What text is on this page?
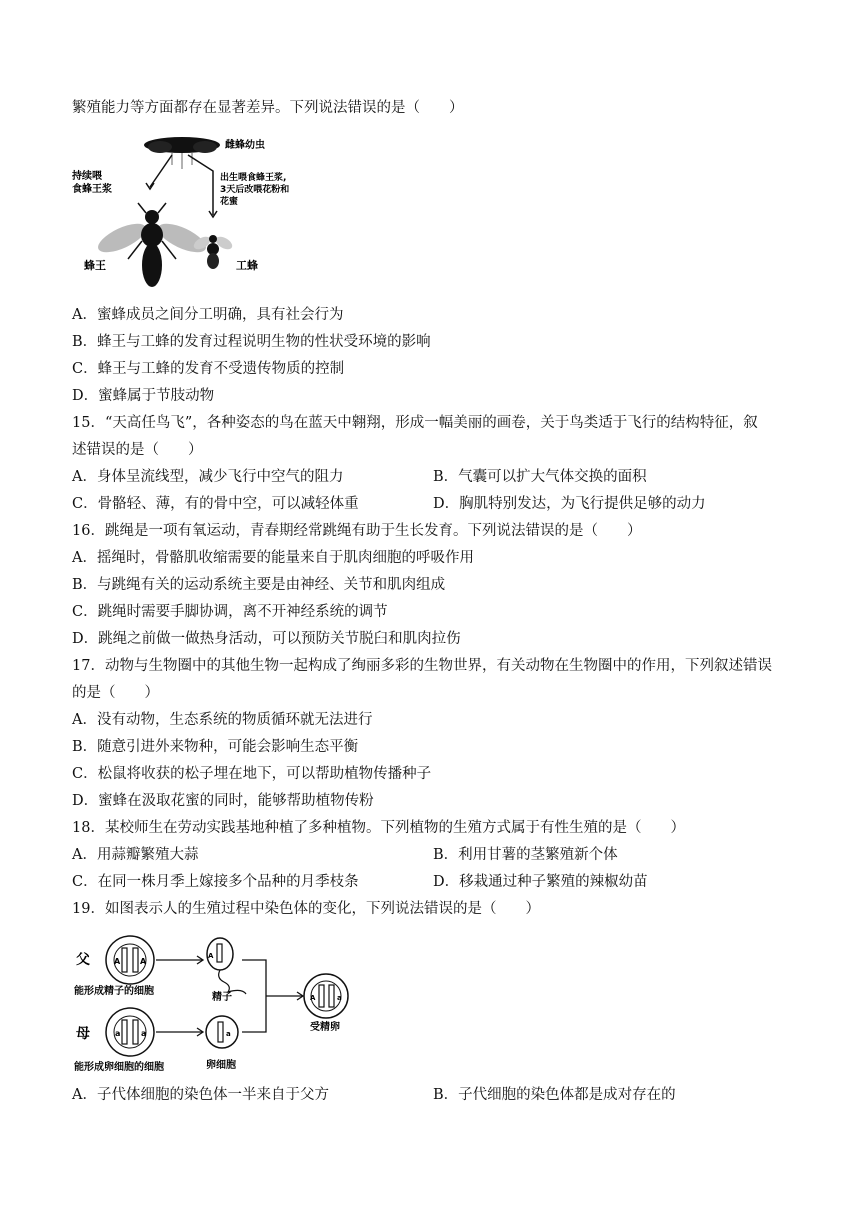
繁殖能力等方面都存在显著差异。下列说法错误的是（　　）
雌蜂幼虫
持续喂
食蜂王浆
出生喂食蜂王浆,
3天后改喂花粉和
花蜜
蜂王	工蜂
A．蜜蜂成员之间分工明确，具有社会行为
B．蜂王与工蜂的发育过程说明生物的性状受环境的影响
C．蜂王与工蜂的发育不受遗传物质的控制
D．蜜蜂属于节肢动物
15．“天高任鸟飞”，各种姿态的鸟在蓝天中翱翔，形成一幅美丽的画卷，关于鸟类适于飞行的结构特征，叙
述错误的是（　　）
A．身体呈流线型，减少飞行中空气的阻力	B．气囊可以扩大气体交换的面积
C．骨骼轻、薄，有的骨中空，可以减轻体重	D．胸肌特别发达，为飞行提供足够的动力
16．跳绳是一项有氧运动，青春期经常跳绳有助于生长发育。下列说法错误的是（　　）
A．摇绳时，骨骼肌收缩需要的能量来自于肌肉细胞的呼吸作用
B．与跳绳有关的运动系统主要是由神经、关节和肌肉组成
C．跳绳时需要手脚协调，离不开神经系统的调节
D．跳绳之前做一做热身活动，可以预防关节脱臼和肌肉拉伤
17．动物与生物圈中的其他生物一起构成了绚丽多彩的生物世界，有关动物在生物圈中的作用，下列叙述错误
的是（　　）
A．没有动物，生态系统的物质循环就无法进行
B．随意引进外来物种，可能会影响生态平衡
C．松鼠将收获的松子埋在地下，可以帮助植物传播种子
D．蜜蜂在汲取花蜜的同时，能够帮助植物传粉
18．某校师生在劳动实践基地种植了多种植物。下列植物的生殖方式属于有性生殖的是（　　）
A．用蒜瓣繁殖大蒜	B．利用甘薯的茎繁殖新个体
C．在同一株月季上嫁接多个品种的月季枝条	D．移栽通过种子繁殖的辣椒幼苗
19．如图表示人的生殖过程中染色体的变化，下列说法错误的是（　　）
父
母
A A
能形成精子的细胞
a	a
能形成卵细胞的细胞
A
精子
a
卵细胞
A	a
受精卵
A．子代体细胞的染色体一半来自于父方	B．子代细胞的染色体都是成对存在的
